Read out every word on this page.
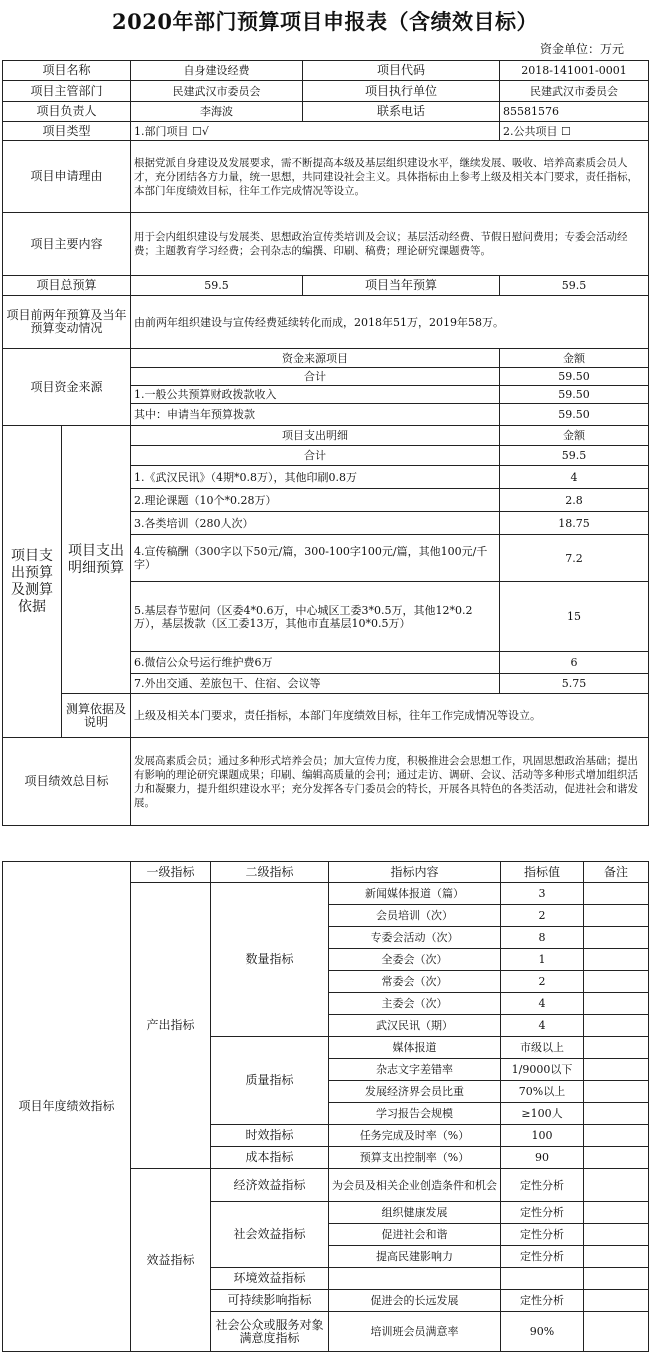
2020年部门预算项目申报表（含绩效目标）
资金单位：万元
项目名称		自身建设经费	项目代码	2018-141001-0001
项目主管部门		民建武汉市委员会	项目执行单位	民建武汉市委员会
项目负责人		李海波	联系电话	85581576
项目类型		1.部门项目 ☐√		2.公共项目 ☐
项目申请理由		根据党派自身建设及发展要求，需不断提高本级及基层组织建设水平，继续发展、吸收、培养高素质会员人才，充分团结各方力量，统一思想，共同建设社会主义。具体指标由上参考上级及相关本门要求，责任指标，本部门年度绩效目标，往年工作完成情况等设立。		
项目主要内容		用于会内组织建设与发展类、思想政治宣传类培训及会议；基层活动经费、节假日慰问费用；专委会活动经费；主题教育学习经费；会刊杂志的编撰、印刷、稿费；理论研究课题费等。		
项目总预算		59.5	项目当年预算	59.5
项目前两年预算及当年预算变动情况		由前两年组织建设与宣传经费延续转化而成，2018年51万，2019年58万。		
项目资金来源		资金来源项目		金额
		合计		59.50
		1.一般公共预算财政拨款收入		59.50
		其中：申请当年预算拨款		59.50
项目支出预算及测算依据	项目支出明细预算	项目支出明细		金额
		合计		59.5
		1.《武汉民讯》（4期*0.8万），其他印刷0.8万		4
		2.理论课题（10个*0.28万）		2.8
		3.各类培训（280人次）		18.75
		4.宣传稿酬（300字以下50元/篇，300-100字100元/篇，其他100元/千字）		7.2
		5.基层春节慰问（区委4*0.6万，中心城区工委3*0.5万，其他12*0.2万），基层拨款（区工委13万，其他市直基层10*0.5万）		15
		6.微信公众号运行维护费6万		6
		7.外出交通、差旅包干、住宿、会议等		5.75
	测算依据及说明	上级及相关本门要求，责任指标，本部门年度绩效目标，往年工作完成情况等设立。		
项目绩效总目标		发展高素质会员；通过多种形式培养会员；加大宣传力度，积极推进会会思想工作，巩固思想政治基础；提出有影响的理论研究课题成果；印刷、编辑高质量的会刊；通过走访、调研、会议、活动等多种形式增加组织活力和凝聚力，提升组织建设水平；充分发挥各专门委员会的特长，开展各具特色的各类活动，促进社会和谐发展。		
项目年度绩效指标	一级指标	二级指标	指标内容	指标值	备注
	产出指标	数量指标	新闻媒体报道（篇）	3	
			会员培训（次）	2	
			专委会活动（次）	8	
			全委会（次）	1	
			常委会（次）	2	
			主委会（次）	4	
			武汉民讯（期）	4	
		质量指标	媒体报道	市级以上	
			杂志文字差错率	1/9000以下	
			发展经济界会员比重	70%以上	
			学习报告会规模	≥100人	
		时效指标	任务完成及时率（%）	100	
		成本指标	预算支出控制率（%）	90	
	效益指标	经济效益指标	为会员及相关企业创造条件和机会	定性分析	
		社会效益指标	组织健康发展	定性分析	
			促进社会和谐	定性分析	
			提高民建影响力	定性分析	
		环境效益指标			
		可持续影响指标	促进会的长远发展	定性分析	
		社会公众或服务对象满意度指标	培训班会员满意率	90%	
